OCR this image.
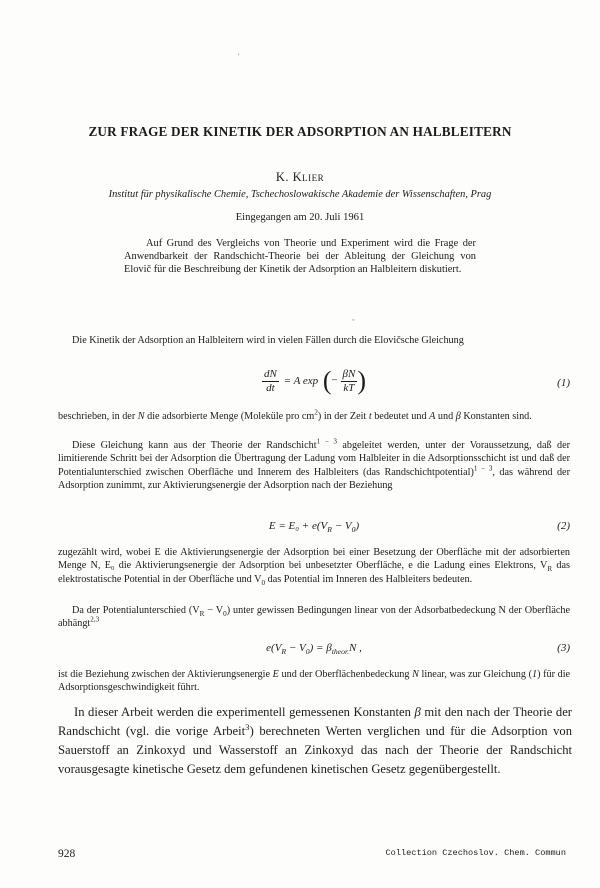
'
ˇ
ZUR FRAGE DER KINETIK DER ADSORPTION AN HALBLEITERN
K. Klier
Institut für physikalische Chemie, Tschechoslowakische Akademie der Wissenschaften, Prag
Eingegangen am 20. Juli 1961
Auf Grund des Vergleichs von Theorie und Experiment wird die Frage der Anwendbarkeit der Randschicht-Theorie bei der Ableitung der Gleichung von Elovič für die Beschreibung der Kinetik der Adsorption an Halbleitern diskutiert.
Die Kinetik der Adsorption an Halbleitern wird in vielen Fällen durch die Elovičsche Gleichung
$\frac{dN}{dt} = A$ exp (− $\frac{\beta N}{kT}$ )	(1)
beschrieben, in der N die adsorbierte Menge (Moleküle pro $cm^2$) in der Zeit t bedeutet und A und β Konstanten sind.
Diese Gleichung kann aus der Theorie der Randschicht$^{1 - 3}$ abgeleitet werden, unter der Voraussetzung, daß der limitierende Schritt bei der Adsorption die Übertragung der Ladung vom Halbleiter in die Adsorptionsschicht ist und daß der Potentialunterschied zwischen Oberfläche und Innerem des Halbleiters (das Randschichtpotential)$^{1 - 3}$, das während der Adsorption zunimmt, zur Aktivierungsenergie der Adsorption nach der Beziehung
$E = E_0 + e(V_R - V_0)$	(2)
zugezählt wird, wobei E die Aktivierungsenergie der Adsorption bei einer Besetzung der Oberfläche mit der adsorbierten Menge N, E₀ die Aktivierungsenergie der Adsorption bei unbesetzter Oberfläche, e die Ladung eines Elektrons, $V_R$ das elektrostatische Potential in der Oberfläche und $V_0$ das Potential im Inneren des Halbleiters bedeuten.
Da der Potentialunterschied $(V_R - V_0)$ unter gewissen Bedingungen linear von der Adsorbatbedeckung N der Oberfläche abhängt$^{2,3}$
$e(V_R - V_0) = \beta_{theor.}N$ ,	(3)
ist die Beziehung zwischen der Aktivierungsenergie E und der Oberflächenbedeckung N linear, was zur Gleichung (1) für die Adsorptionsgeschwindigkeit führt.
In dieser Arbeit werden die experimentell gemessenen Konstanten β mit den nach der Theorie der Randschicht (vgl. die vorige Arbeit$^3$) berechneten Werten verglichen und für die Adsorption von Sauerstoff an Zinkoxyd und Wasserstoff an Zinkoxyd das nach der Theorie der Randschicht vorausgesagte kinetische Gesetz dem gefundenen kinetischen Gesetz gegenübergestellt.
928	Collection Czechoslov. Chem. Commun
